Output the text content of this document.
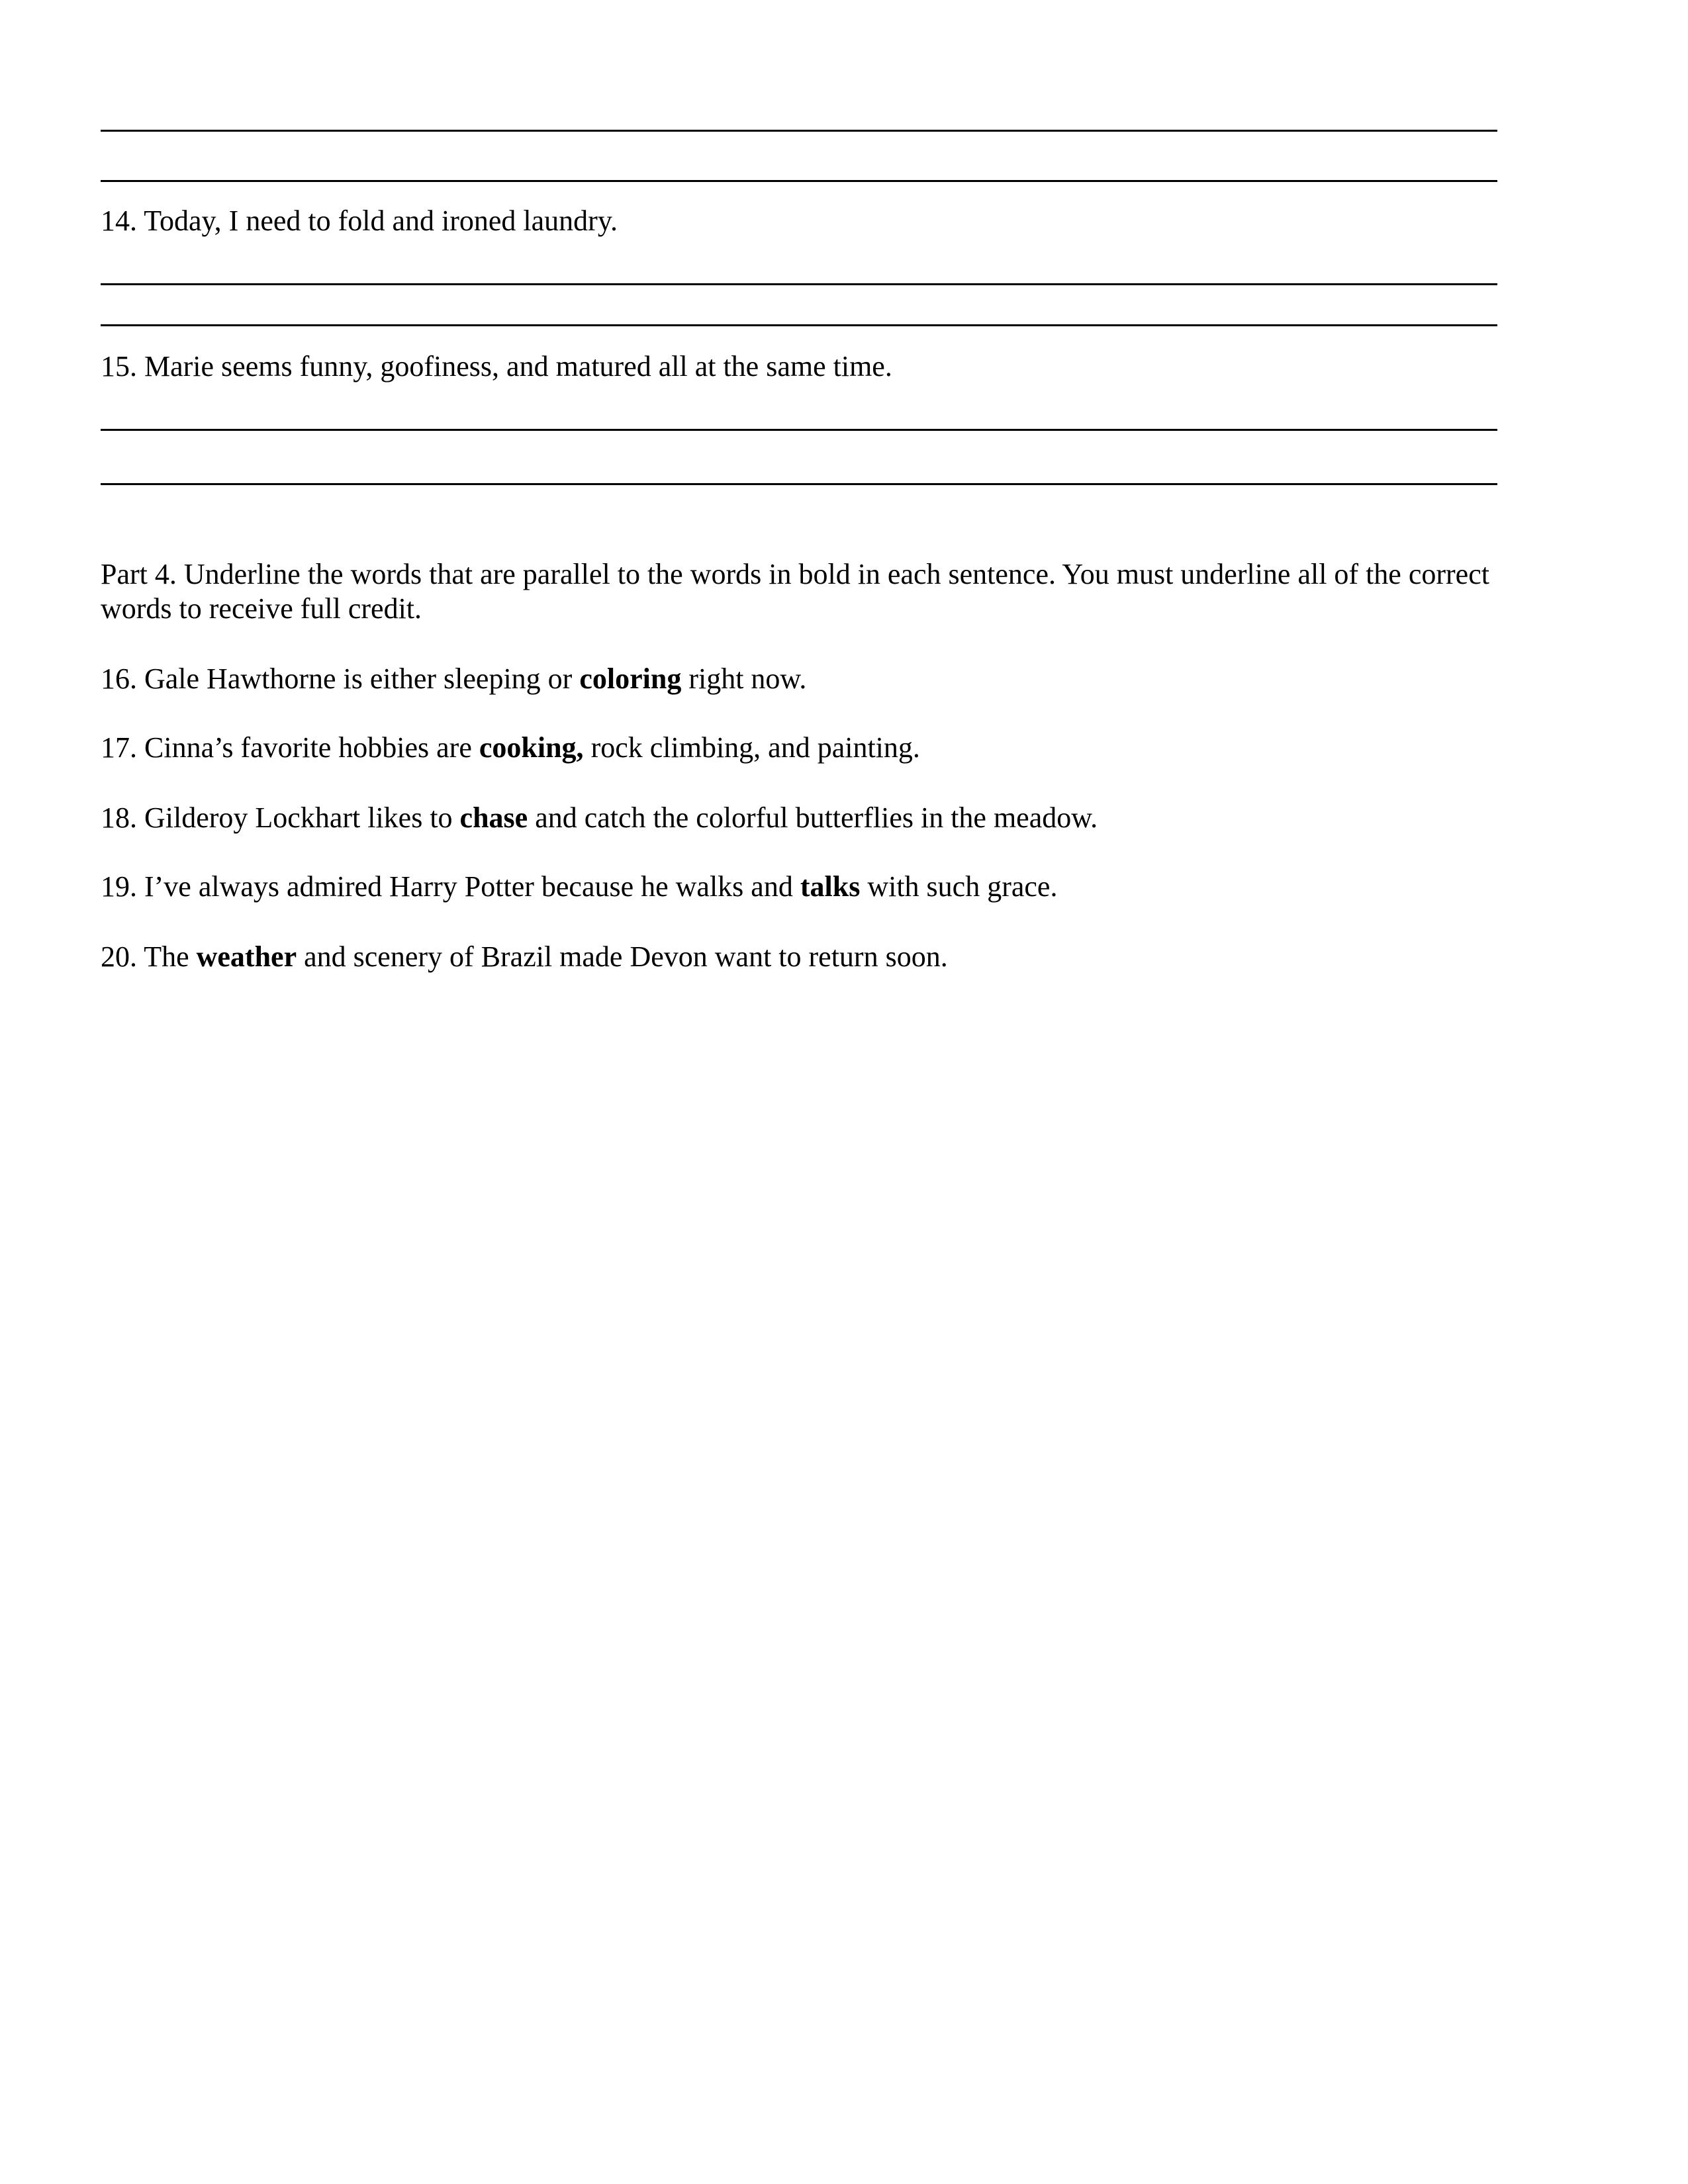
14. Today, I need to fold and ironed laundry.
15. Marie seems funny, goofiness, and matured all at the same time.
Part 4. Underline the words that are parallel to the words in bold in each sentence. You must underline all of the correct words to receive full credit.
16. Gale Hawthorne is either sleeping or coloring right now.
17. Cinna’s favorite hobbies are cooking, rock climbing, and painting.
18. Gilderoy Lockhart likes to chase and catch the colorful butterflies in the meadow.
19. I’ve always admired Harry Potter because he walks and talks with such grace.
20. The weather and scenery of Brazil made Devon want to return soon.
